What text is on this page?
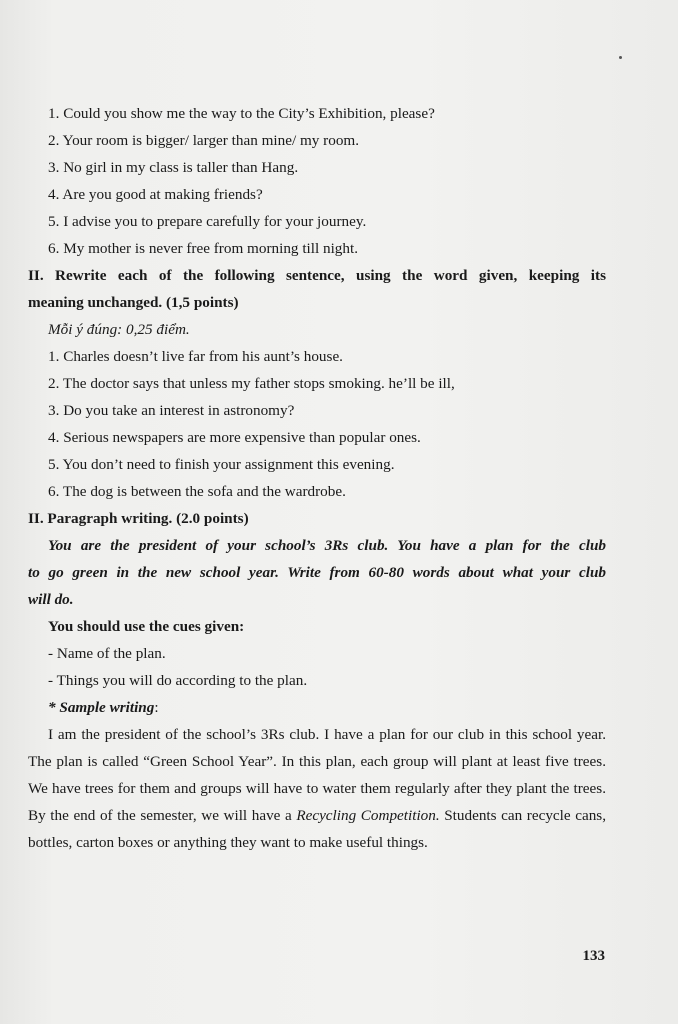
1. Could you show me the way to the City’s Exhibition, please?
2. Your room is bigger/ larger than mine/ my room.
3. No girl in my class is taller than Hang.
4. Are you good at making friends?
5. I advise you to prepare carefully for your journey.
6. My mother is never free from morning till night.
II. Rewrite each of the following sentence, using the word given, keeping its
meaning unchanged. (1,5 points)
Mỗi ý đúng: 0,25 điểm.
1. Charles doesn’t live far from his aunt’s house.
2. The doctor says that unless my father stops smoking. he’ll be ill,
3. Do you take an interest in astronomy?
4. Serious newspapers are more expensive than popular ones.
5. You don’t need to finish your assignment this evening.
6. The dog is between the sofa and the wardrobe.
II. Paragraph writing. (2.0 points)
You are the president of your school’s 3Rs club. You have a plan for the club
to go green in the new school year. Write from 60-80 words about what your club
will do.
You should use the cues given:
- Name of the plan.
- Things you will do according to the plan.
* Sample writing:
I am the president of the school’s 3Rs club. I have a plan for our club in this school year. The plan is called “Green School Year”. In this plan, each group will plant at least five trees. We have trees for them and groups will have to water them regularly after they plant the trees. By the end of the semester, we will have a Recycling Competition. Students can recycle cans, bottles, carton boxes or anything they want to make useful things.
133
